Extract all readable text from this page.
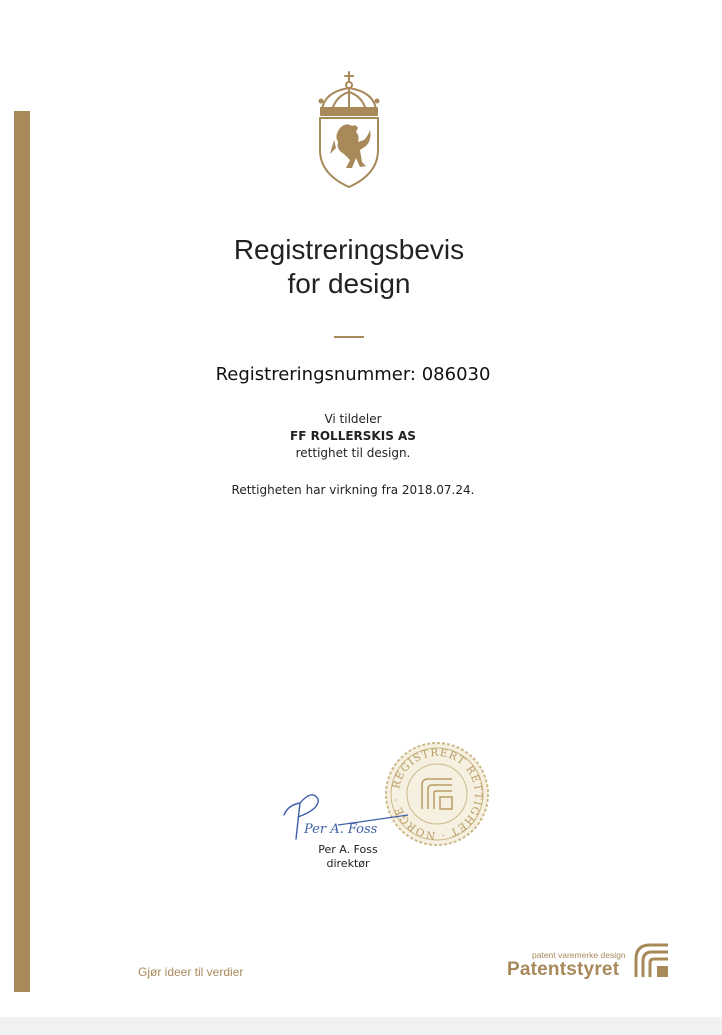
Registreringsbevis
for design
Registreringsnummer: 086030
Vi tildeler
FF ROLLERSKIS AS
rettighet til design.
Rettigheten har virkning fra 2018.07.24.
REGISTRERT RETTIGHET · NORGE ·
Per A. Foss
Per A. Foss
direktør
Gjør ideer til verdier
patent varemerke design
Patentstyret
